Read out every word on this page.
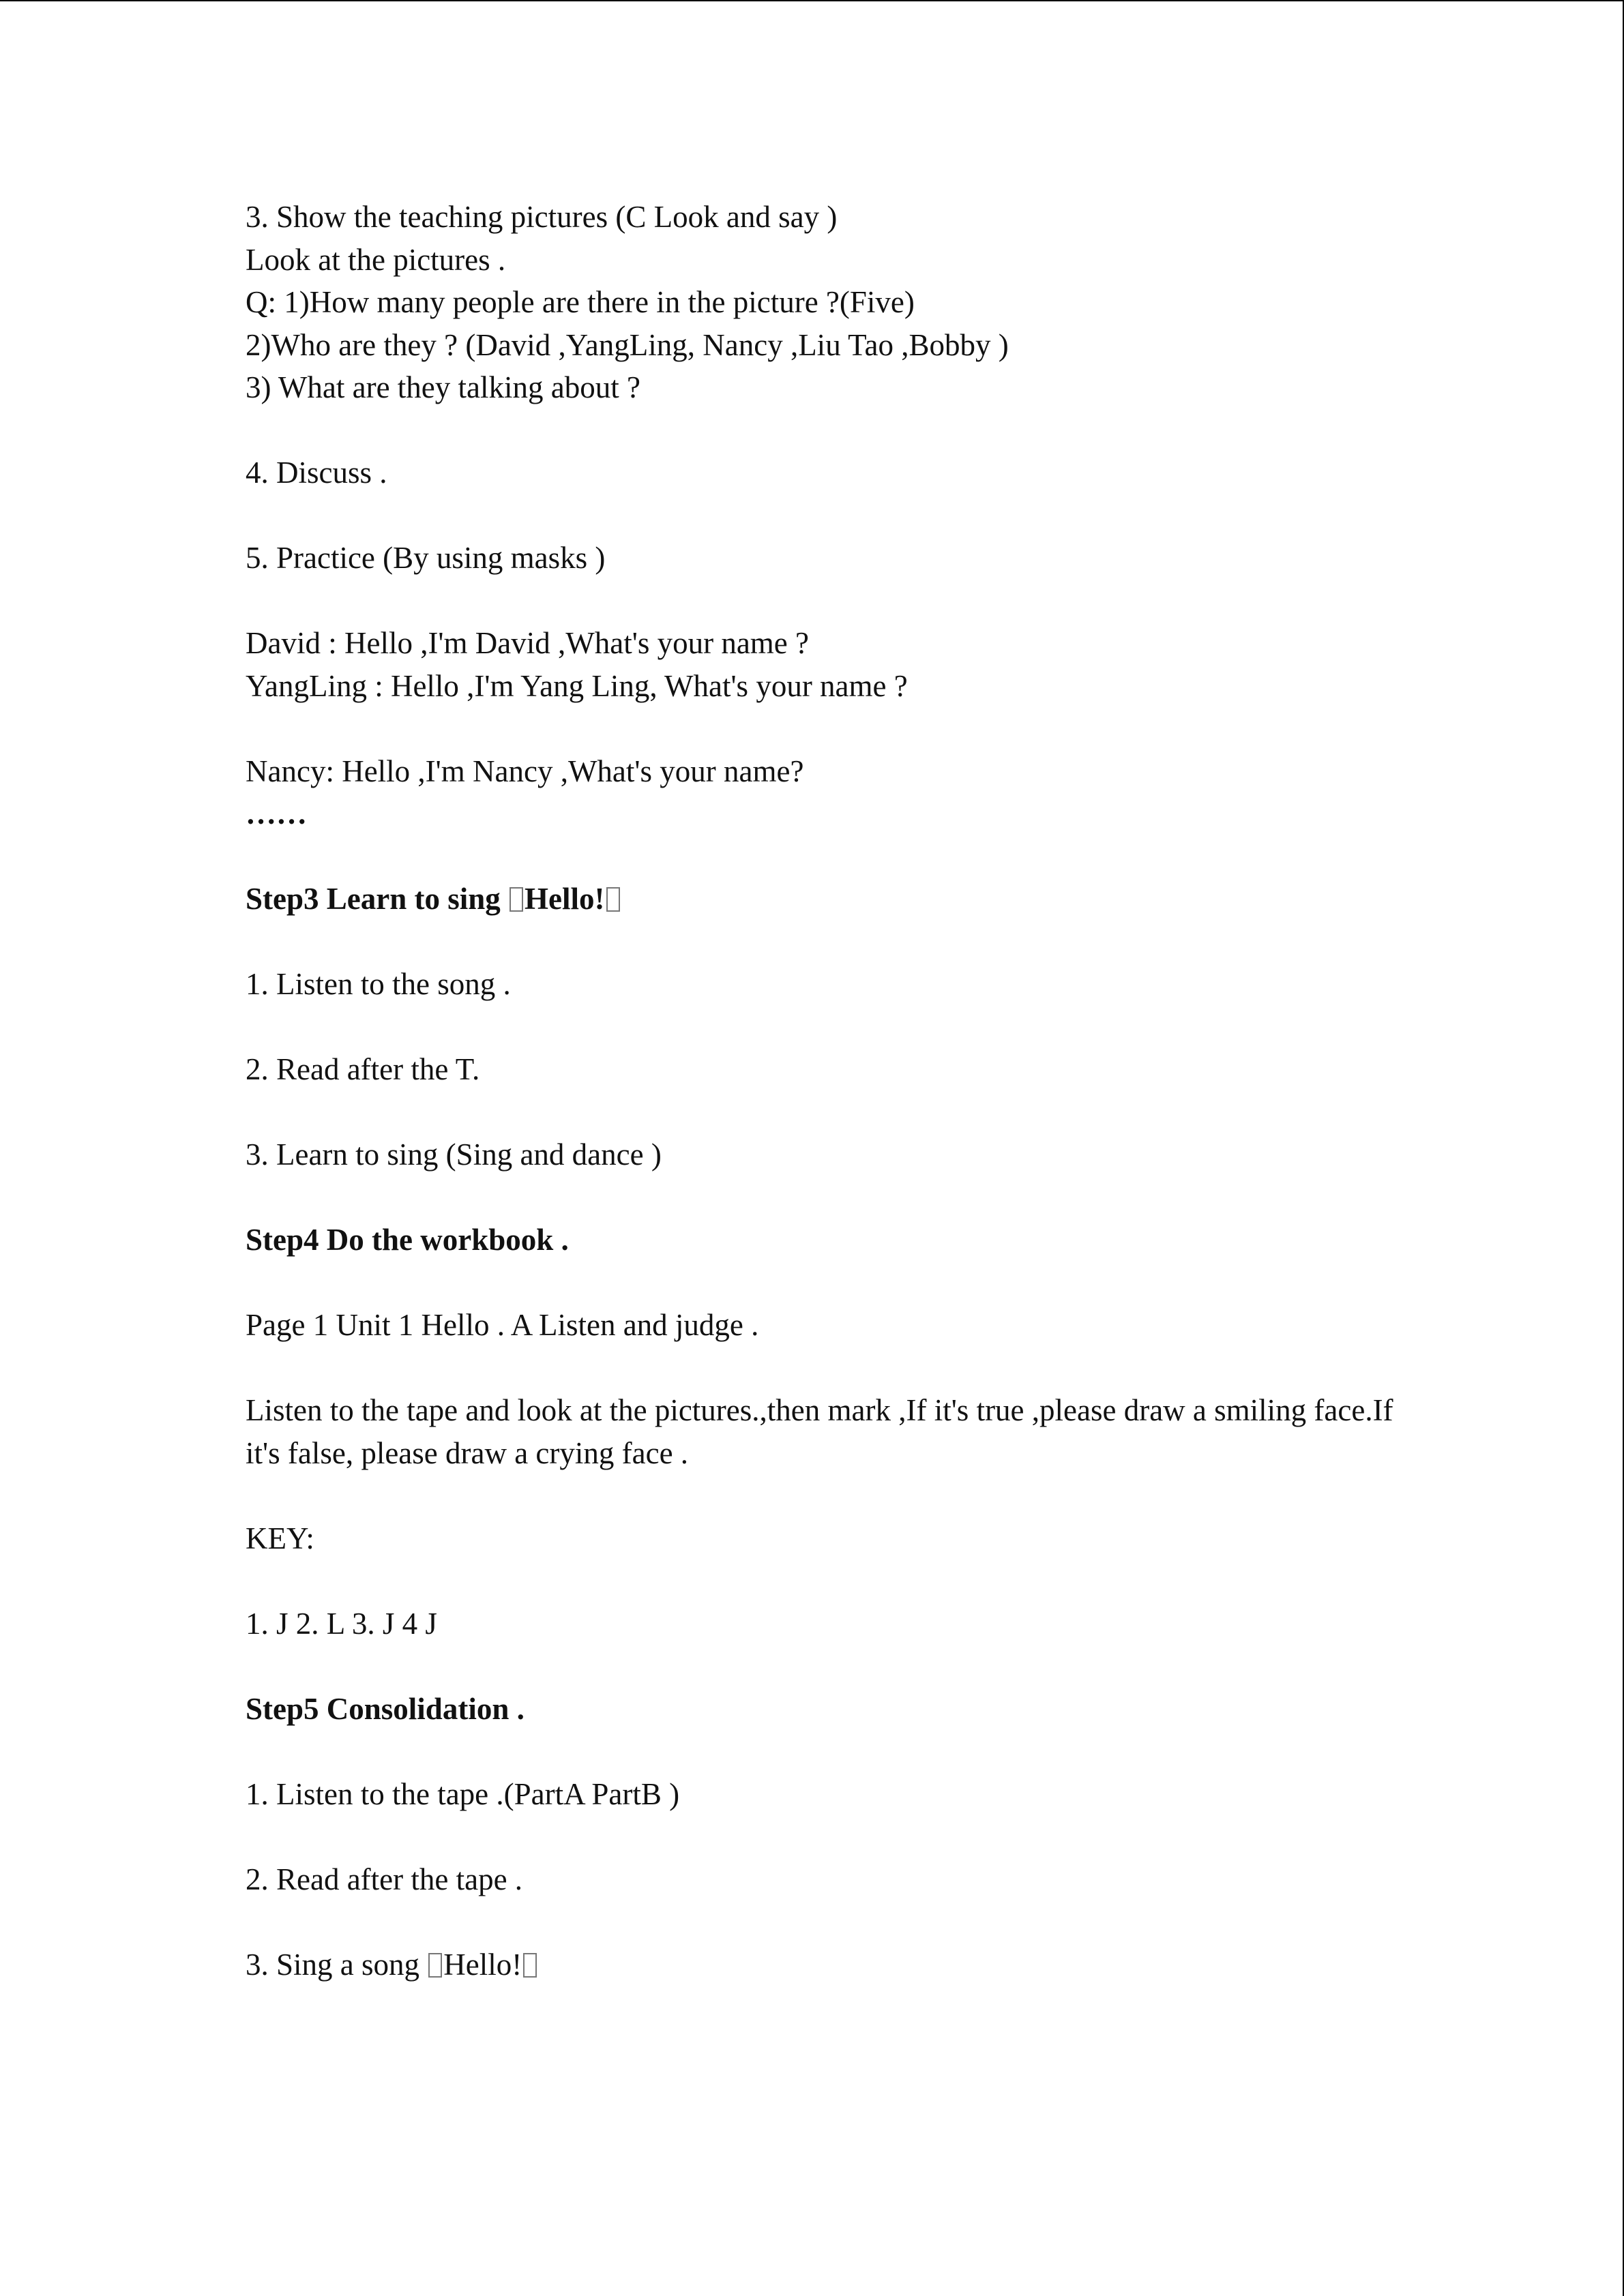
3. Show the teaching pictures (C Look and say )
Look at the pictures .
Q: 1)How many people are there in the picture ?(Five)
2)Who are they ? (David ,YangLing, Nancy ,Liu Tao ,Bobby )
3) What are they talking about ?
4. Discuss .
5. Practice (By using masks )
David : Hello ,I'm David ,What's your name ?
YangLing : Hello ,I'm Yang Ling, What's your name ?
Nancy: Hello ,I'm Nancy ,What's your name?
……
Step3 Learn to sing Hello!
1. Listen to the song .
2. Read after the T.
3. Learn to sing (Sing and dance )
Step4 Do the workbook .
Page 1 Unit 1 Hello . A Listen and judge .
Listen to the tape and look at the pictures.,then mark ,If it's true ,please draw a smiling face.If it's false, please draw a crying face .
KEY:
1. J 2. L 3. J 4 J
Step5 Consolidation .
1. Listen to the tape .(PartA PartB )
2. Read after the tape .
3. Sing a song Hello!
